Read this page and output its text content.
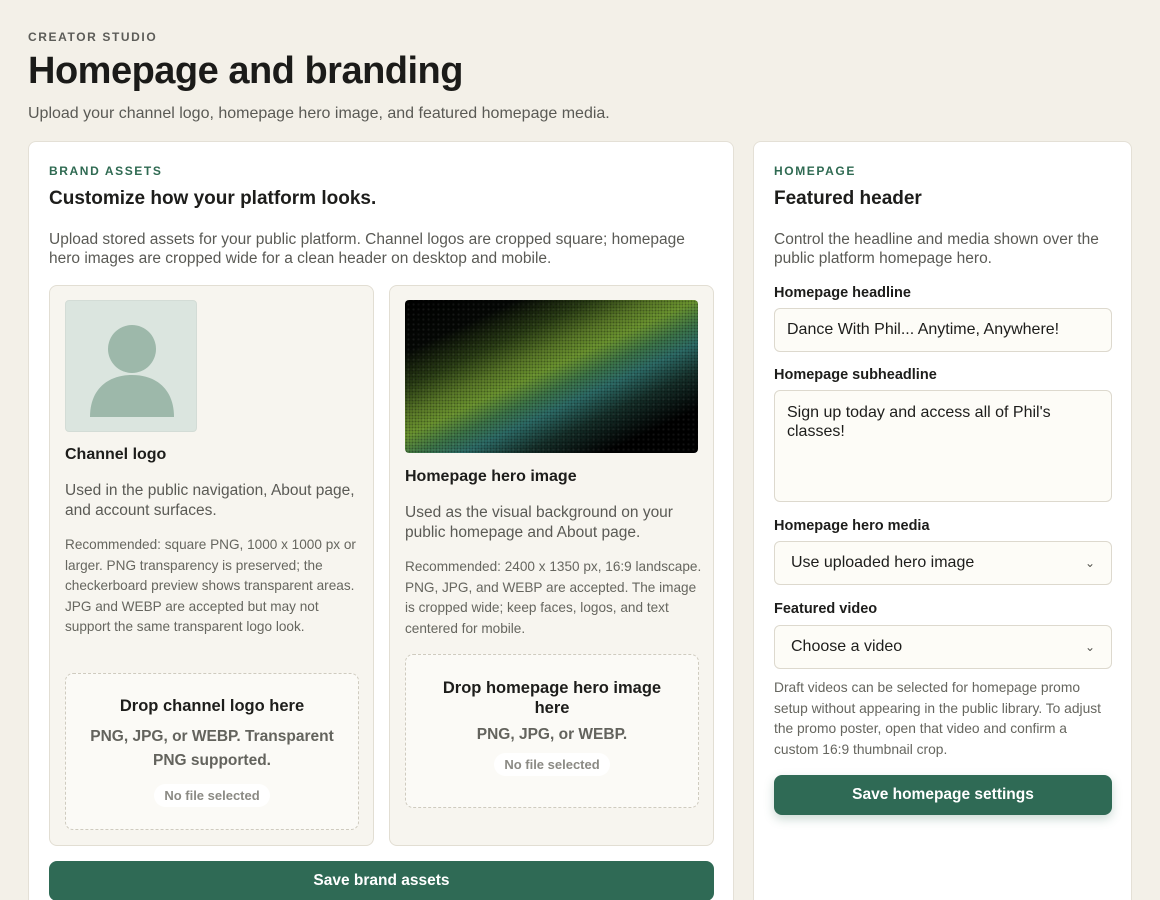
CREATOR STUDIO
Homepage and branding

Upload your channel logo, homepage hero image, and featured homepage media.

BRAND ASSETS
Customize how your platform looks.

Upload stored assets for your public platform. Channel logos are cropped square; homepage hero images are cropped wide for a clean header on desktop and mobile.

Channel logo
Used in the public navigation, About page, and account surfaces.
Recommended: square PNG, 1000 x 1000 px or larger. PNG transparency is preserved; the checkerboard preview shows transparent areas. JPG and WEBP are accepted but may not support the same transparent logo look.
Drop channel logo here
PNG, JPG, or WEBP. Transparent PNG supported.
No file selected
Homepage hero image
Used as the visual background on your public homepage and About page.
Recommended: 2400 x 1350 px, 16:9 landscape. PNG, JPG, and WEBP are accepted. The image is cropped wide; keep faces, logos, and text centered for mobile.
Drop homepage hero image here
PNG, JPG, or WEBP.
No file selected
Save brand assets
HOMEPAGE
Featured header

Control the headline and media shown over the public platform homepage hero.

Homepage headline
Dance With Phil... Anytime, Anywhere!
Homepage subheadline
Sign up today and access all of Phil's classes!
Homepage hero media
Use uploaded hero image	⌄
Featured video
Choose a video	⌄

Draft videos can be selected for homepage promo setup without appearing in the public library. To adjust the promo poster, open that video and confirm a custom 16:9 thumbnail crop.

Save homepage settings
